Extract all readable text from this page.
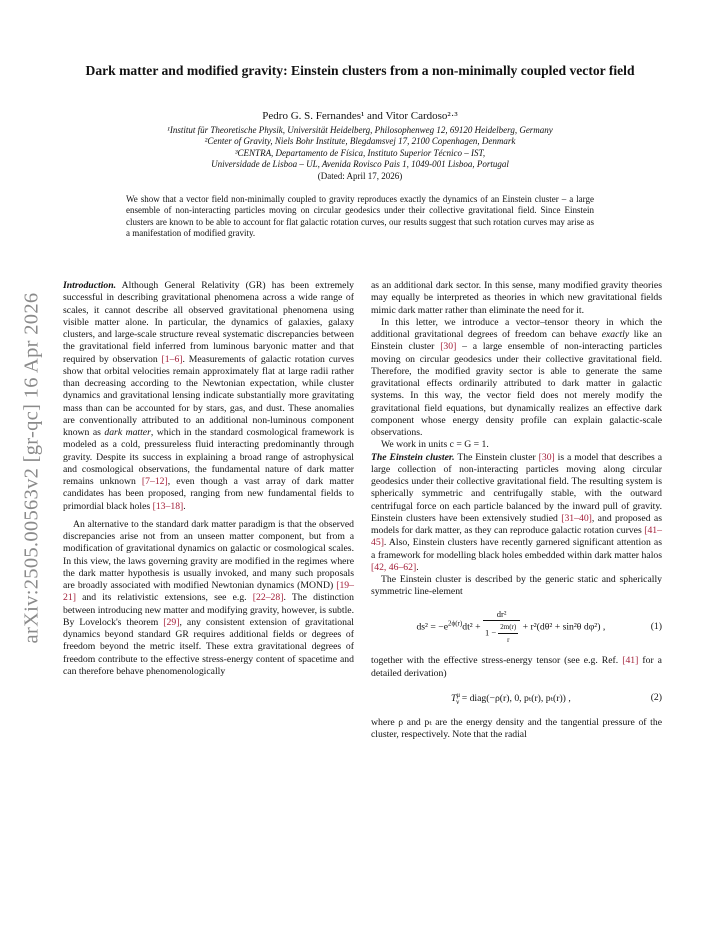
arXiv:2505.00563v2 [gr-qc] 16 Apr 2026
Dark matter and modified gravity: Einstein clusters from a non-minimally coupled vector field
Pedro G. S. Fernandes¹ and Vitor Cardoso²·³
¹Institut für Theoretische Physik, Universität Heidelberg, Philosophenweg 12, 69120 Heidelberg, Germany
²Center of Gravity, Niels Bohr Institute, Blegdamsvej 17, 2100 Copenhagen, Denmark
³CENTRA, Departamento de Física, Instituto Superior Técnico – IST,
Universidade de Lisboa – UL, Avenida Rovisco Pais 1, 1049-001 Lisboa, Portugal
(Dated: April 17, 2026)
We show that a vector field non-minimally coupled to gravity reproduces exactly the dynamics of an Einstein cluster – a large ensemble of non-interacting particles moving on circular geodesics under their collective gravitational field. Since Einstein clusters are known to be able to account for flat galactic rotation curves, our results suggest that such rotation curves may arise as a manifestation of modified gravity.

Introduction. Although General Relativity (GR) has been extremely successful in describing gravitational phenomena across a wide range of scales, it cannot describe all observed gravitational phenomena using visible matter alone. In particular, the dynamics of galaxies, galaxy clusters, and large-scale structure reveal systematic discrepancies between the gravitational field inferred from luminous baryonic matter and that required by observation [1–6]. Measurements of galactic rotation curves show that orbital velocities remain approximately flat at large radii rather than decreasing according to the Newtonian expectation, while cluster dynamics and gravitational lensing indicate substantially more gravitating mass than can be accounted for by stars, gas, and dust. These anomalies are conventionally attributed to an additional non-luminous component known as dark matter, which in the standard cosmological framework is modeled as a cold, pressureless fluid interacting predominantly through gravity. Despite its success in explaining a broad range of astrophysical and cosmological observations, the fundamental nature of dark matter remains unknown [7–12], even though a vast array of dark matter candidates has been proposed, ranging from new fundamental fields to primordial black holes [13–18].

An alternative to the standard dark matter paradigm is that the observed discrepancies arise not from an unseen matter component, but from a modification of gravitational dynamics on galactic or cosmological scales. In this view, the laws governing gravity are modified in the regimes where the dark matter hypothesis is usually invoked, and many such proposals are broadly associated with modified Newtonian dynamics (MOND) [19–21] and its relativistic extensions, see e.g. [22–28]. The distinction between introducing new matter and modifying gravity, however, is subtle. By Lovelock's theorem [29], any consistent extension of gravitational dynamics beyond standard GR requires additional fields or degrees of freedom beyond the metric itself. These extra gravitational degrees of freedom contribute to the effective stress-energy content of spacetime and can therefore behave phenomenologically

as an additional dark sector. In this sense, many modified gravity theories may equally be interpreted as theories in which new gravitational fields mimic dark matter rather than eliminate the need for it.

In this letter, we introduce a vector–tensor theory in which the additional gravitational degrees of freedom can behave exactly like an Einstein cluster [30] – a large ensemble of non-interacting particles moving on circular geodesics under their collective gravitational field. Therefore, the modified gravity sector is able to generate the same gravitational effects ordinarily attributed to dark matter in galactic systems. In this way, the vector field does not merely modify the gravitational field equations, but dynamically realizes an effective dark component whose energy density profile can explain galactic-scale observations.

We work in units c = G = 1.

The Einstein cluster. The Einstein cluster [30] is a model that describes a large collection of non-interacting particles moving along circular geodesics under their collective gravitational field. The resulting system is spherically symmetric and centrifugally stable, with the outward centrifugal force on each particle balanced by the inward pull of gravity. Einstein clusters have been extensively studied [31–40], and proposed as models for dark matter, as they can reproduce galactic rotation curves [41–45]. Also, Einstein clusters have recently garnered significant attention as a framework for modelling black holes embedded within dark matter halos [42, 46–62].

The Einstein cluster is described by the generic static and spherically symmetric line-element

$ds^2 = -e^{2\phi(r)}dt^2 + \frac{\text{dr²}}{1 - \frac{2m(r)}{r}} + r^2(d\theta^2 + \sin^2\theta$ dφ²) ,	(1)

together with the effective stress-energy tensor (see e.g. Ref. [41] for a detailed derivation)

$T^\mu_\nu$ = diag(−ρ(r), 0, pₜ(r), pₜ(r)) ,	(2)

where ρ and pₜ are the energy density and the tangential pressure of the cluster, respectively. Note that the radial
